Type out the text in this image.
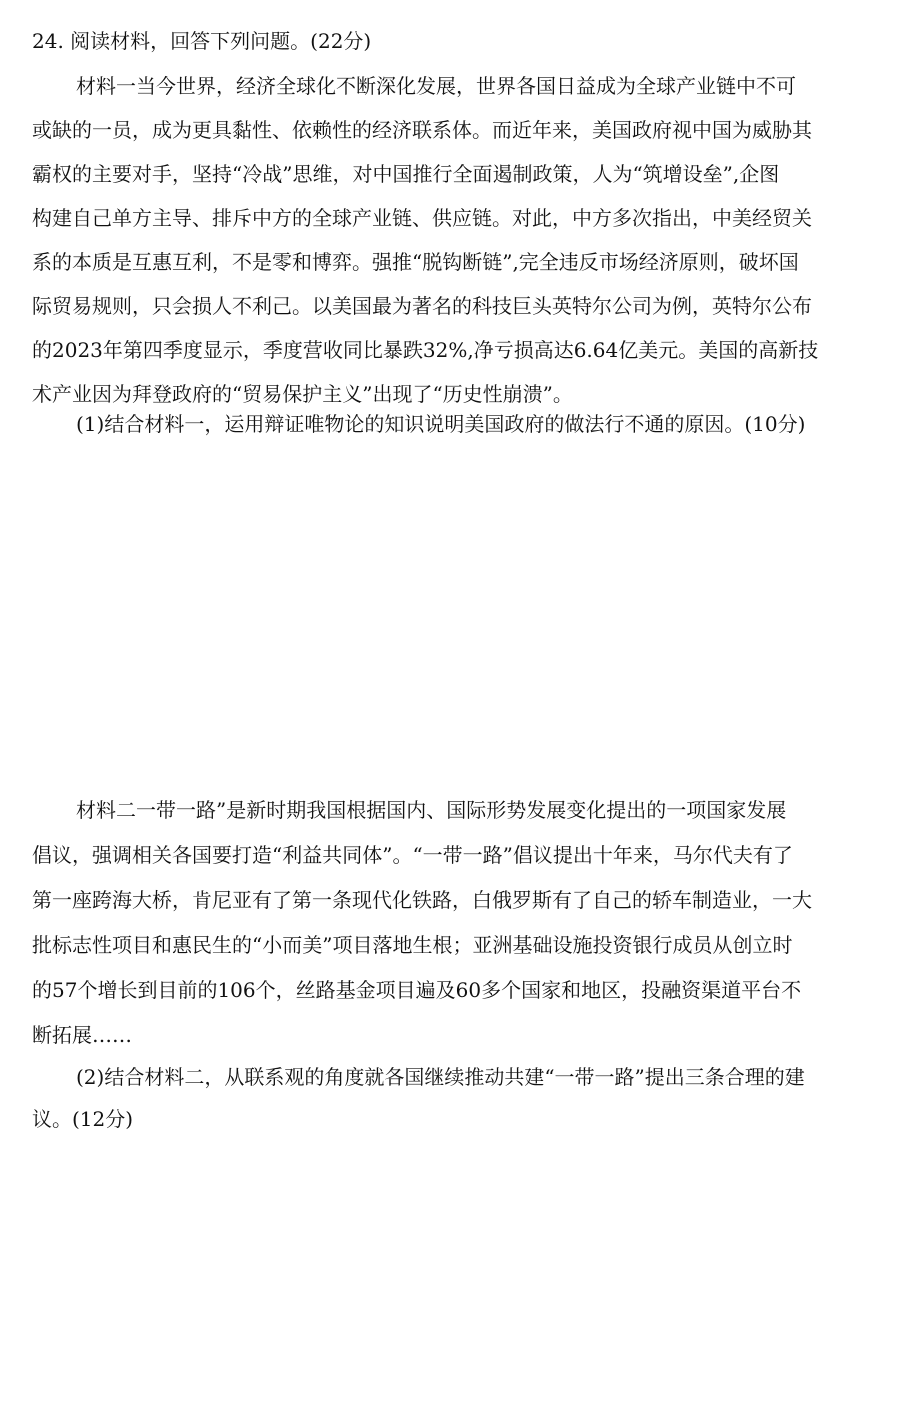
24. 阅读材料，回答下列问题。(22分)
材料一当今世界，经济全球化不断深化发展，世界各国日益成为全球产业链中不可
或缺的一员，成为更具黏性、依赖性的经济联系体。而近年来，美国政府视中国为威胁其
霸权的主要对手，坚持“冷战”思维，对中国推行全面遏制政策，人为“筑增设垒”,企图
构建自己单方主导、排斥中方的全球产业链、供应链。对此，中方多次指出，中美经贸关
系的本质是互惠互利，不是零和博弈。强推“脱钩断链”,完全违反市场经济原则，破坏国
际贸易规则，只会损人不利己。以美国最为著名的科技巨头英特尔公司为例，英特尔公布
的2023年第四季度显示，季度营收同比暴跌32%,净亏损高达6.64亿美元。美国的高新技
术产业因为拜登政府的“贸易保护主义”出现了“历史性崩溃”。
(1)结合材料一，运用辩证唯物论的知识说明美国政府的做法行不通的原因。(10分)
材料二一带一路”是新时期我国根据国内、国际形势发展变化提出的一项国家发展
倡议，强调相关各国要打造“利益共同体”。“一带一路”倡议提出十年来，马尔代夫有了
第一座跨海大桥，肯尼亚有了第一条现代化铁路，白俄罗斯有了自己的轿车制造业，一大
批标志性项目和惠民生的“小而美”项目落地生根；亚洲基础设施投资银行成员从创立时
的57个增长到目前的106个，丝路基金项目遍及60多个国家和地区，投融资渠道平台不
断拓展……
(2)结合材料二，从联系观的角度就各国继续推动共建“一带一路”提出三条合理的建
议。(12分)
